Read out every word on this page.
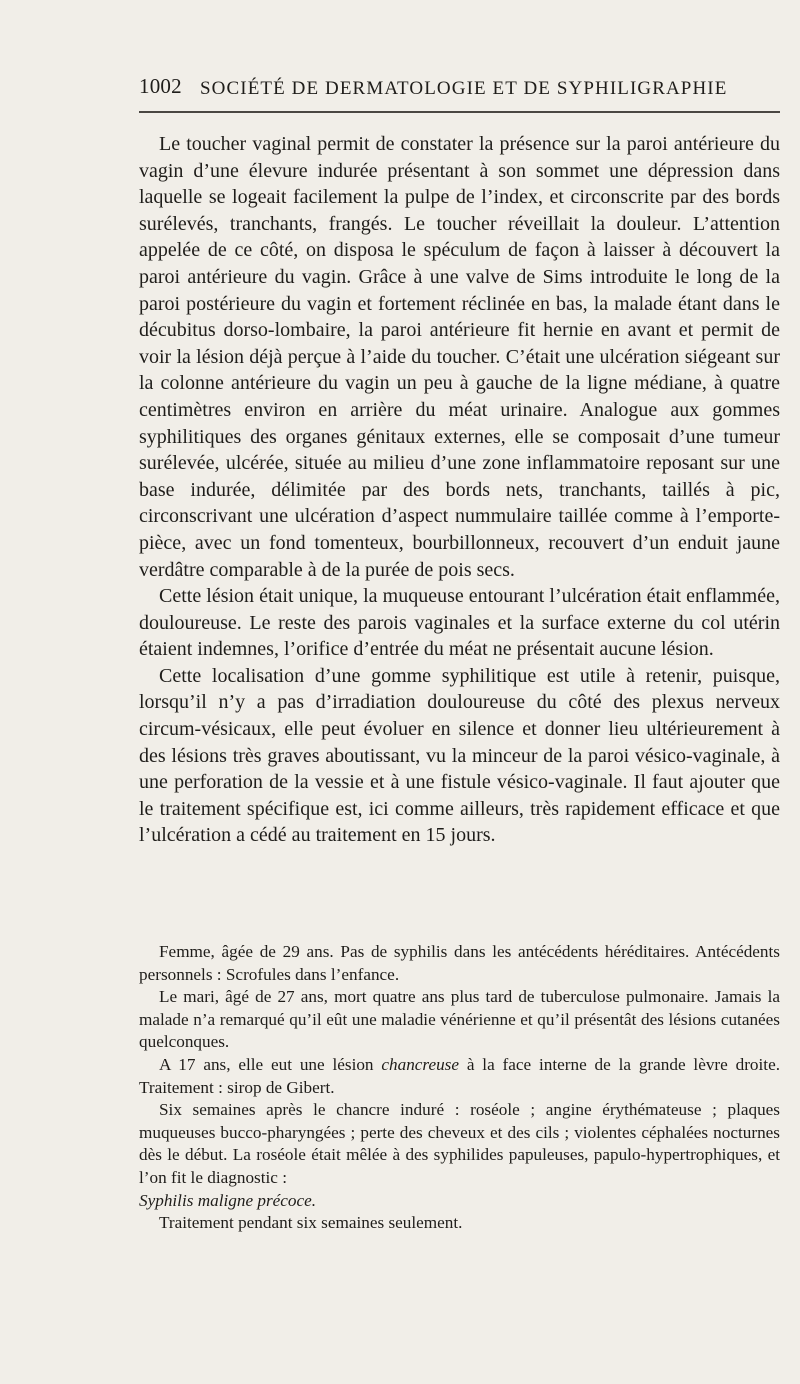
1002 SOCIÉTÉ DE DERMATOLOGIE ET DE SYPHILIGRAPHIE

Le toucher vaginal permit de constater la présence sur la paroi antérieure du vagin d’une élevure indurée présentant à son sommet une dépression dans laquelle se logeait facilement la pulpe de l’index, et circonscrite par des bords surélevés, tranchants, frangés. Le toucher réveillait la douleur. L’attention appelée de ce côté, on disposa le spéculum de façon à laisser à découvert la paroi antérieure du vagin. Grâce à une valve de Sims introduite le long de la paroi postérieure du vagin et fortement réclinée en bas, la malade étant dans le décubitus dorso-lombaire, la paroi antérieure fit hernie en avant et permit de voir la lésion déjà perçue à l’aide du toucher. C’était une ulcération siégeant sur la colonne antérieure du vagin un peu à gauche de la ligne médiane, à quatre centimètres environ en arrière du méat urinaire. Analogue aux gommes syphilitiques des organes génitaux externes, elle se composait d’une tumeur surélevée, ulcérée, située au milieu d’une zone inflammatoire reposant sur une base indurée, délimitée par des bords nets, tranchants, taillés à pic, circonscrivant une ulcération d’aspect nummulaire taillée comme à l’emporte-pièce, avec un fond tomenteux, bourbillonneux, recouvert d’un enduit jaune verdâtre comparable à de la purée de pois secs.

Cette lésion était unique, la muqueuse entourant l’ulcération était enflammée, douloureuse. Le reste des parois vaginales et la surface externe du col utérin étaient indemnes, l’orifice d’entrée du méat ne présentait aucune lésion.

Cette localisation d’une gomme syphilitique est utile à retenir, puisque, lorsqu’il n’y a pas d’irradiation douloureuse du côté des plexus nerveux circum-vésicaux, elle peut évoluer en silence et donner lieu ultérieurement à des lésions très graves aboutissant, vu la minceur de la paroi vésico-vaginale, à une perforation de la vessie et à une fistule vésico-vaginale. Il faut ajouter que le traitement spécifique est, ici comme ailleurs, très rapidement efficace et que l’ulcération a cédé au traitement en 15 jours.

Femme, âgée de 29 ans. Pas de syphilis dans les antécédents héréditaires. Antécédents personnels : Scrofules dans l’enfance.

Le mari, âgé de 27 ans, mort quatre ans plus tard de tuberculose pulmonaire. Jamais la malade n’a remarqué qu’il eût une maladie vénérienne et qu’il présentât des lésions cutanées quelconques.

A 17 ans, elle eut une lésion chancreuse à la face interne de la grande lèvre droite. Traitement : sirop de Gibert.

Six semaines après le chancre induré : roséole ; angine érythémateuse ; plaques muqueuses bucco-pharyngées ; perte des cheveux et des cils ; violentes céphalées nocturnes dès le début. La roséole était mêlée à des syphilides papuleuses, papulo-hypertrophiques, et l’on fit le diagnostic :

Syphilis maligne précoce.

Traitement pendant six semaines seulement.
